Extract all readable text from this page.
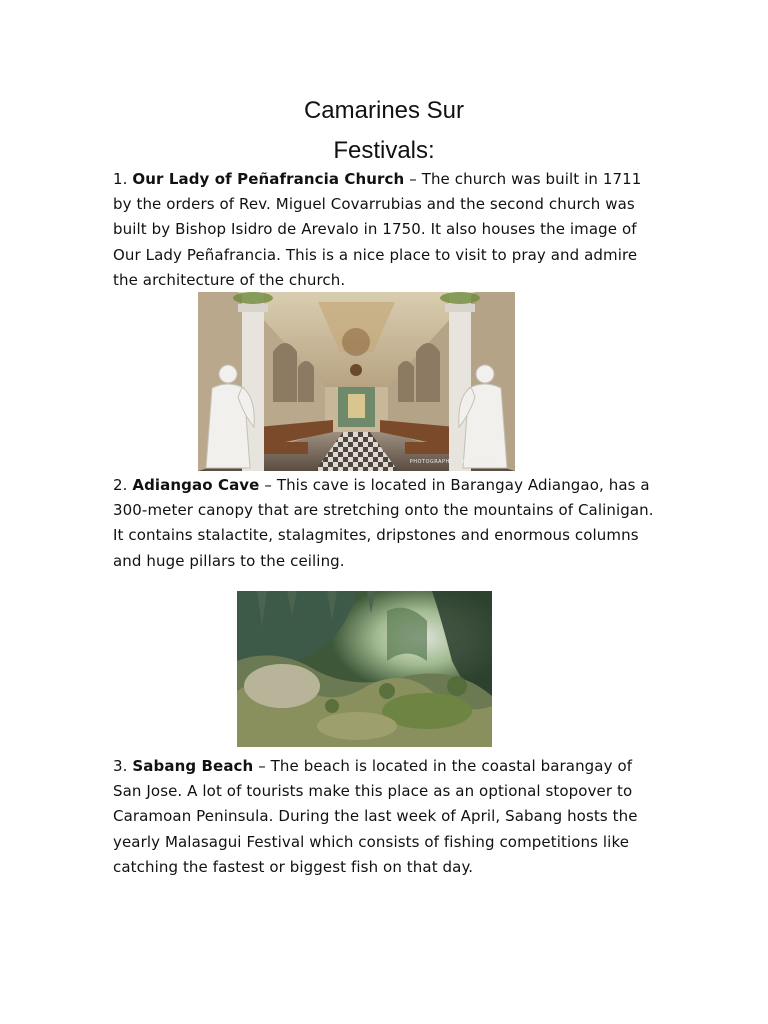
Camarines Sur
Festivals:
1. Our Lady of Peñafrancia Church – The church was built in 1711 by the orders of Rev. Miguel Covarrubias and the second church was built by Bishop Isidro de Arevalo in 1750. It also houses the image of Our Lady Peñafrancia. This is a nice place to visit to pray and admire the architecture of the church.
PHOTOGRAPHY • NONI MAZO
2. Adiangao Cave – This cave is located in Barangay Adiangao, has a 300-meter canopy that are stretching onto the mountains of Calinigan. It contains stalactite, stalagmites, dripstones and enormous columns and huge pillars to the ceiling.
3. Sabang Beach – The beach is located in the coastal barangay of San Jose. A lot of tourists make this place as an optional stopover to Caramoan Peninsula. During the last week of April, Sabang hosts the yearly Malasagui Festival which consists of fishing competitions like catching the fastest or biggest fish on that day.
